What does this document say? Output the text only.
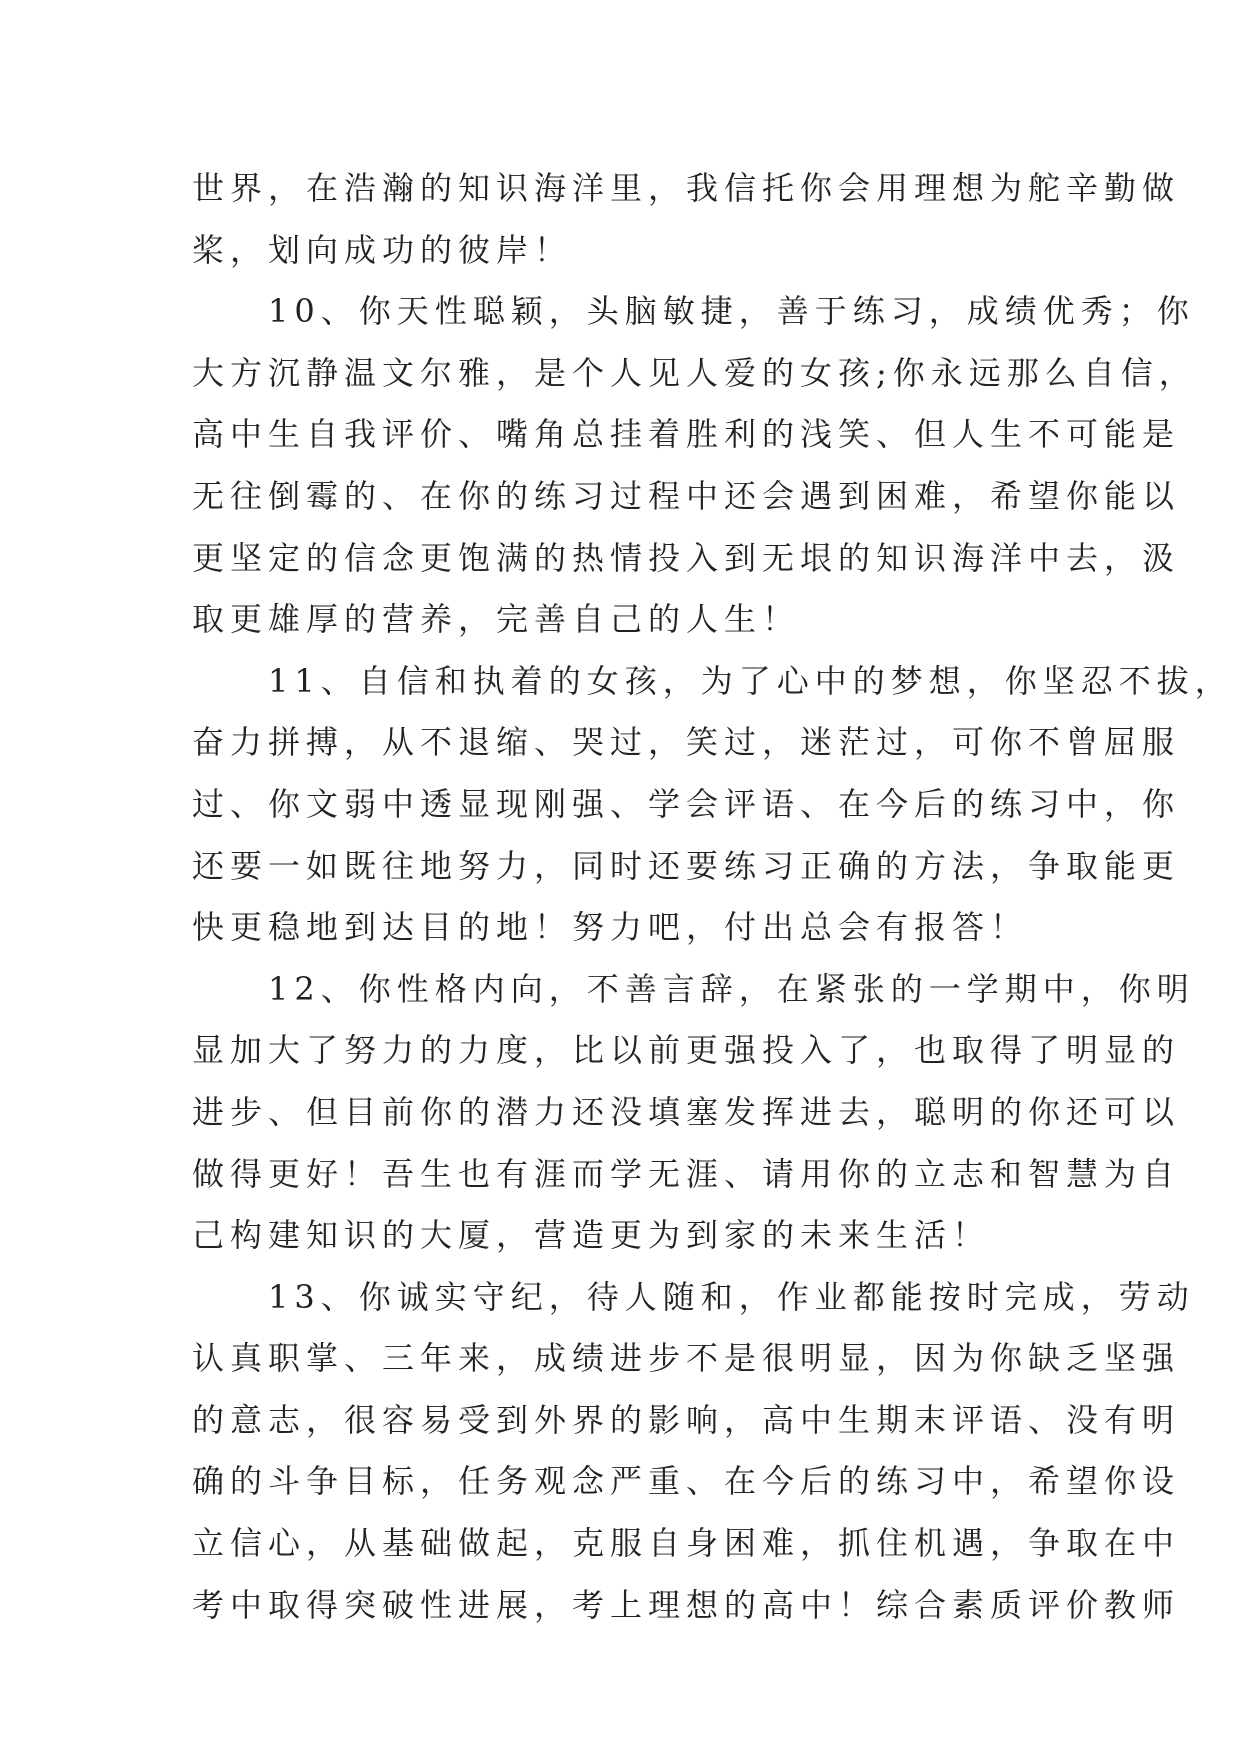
世界，在浩瀚的知识海洋里，我信托你会用理想为舵辛勤做
桨，划向成功的彼岸！
10、你天性聪颖，头脑敏捷，善于练习，成绩优秀；你
大方沉静温文尔雅，是个人见人爱的女孩;你永远那么自信，
高中生自我评价、嘴角总挂着胜利的浅笑、但人生不可能是
无往倒霉的、在你的练习过程中还会遇到困难，希望你能以
更坚定的信念更饱满的热情投入到无垠的知识海洋中去，汲
取更雄厚的营养，完善自己的人生！
11、自信和执着的女孩，为了心中的梦想，你坚忍不拔，
奋力拼搏，从不退缩、哭过，笑过，迷茫过，可你不曾屈服
过、你文弱中透显现刚强、学会评语、在今后的练习中，你
还要一如既往地努力，同时还要练习正确的方法，争取能更
快更稳地到达目的地！努力吧，付出总会有报答！
12、你性格内向，不善言辞，在紧张的一学期中，你明
显加大了努力的力度，比以前更强投入了，也取得了明显的
进步、但目前你的潜力还没填塞发挥进去，聪明的你还可以
做得更好！吾生也有涯而学无涯、请用你的立志和智慧为自
己构建知识的大厦，营造更为到家的未来生活！
13、你诚实守纪，待人随和，作业都能按时完成，劳动
认真职掌、三年来，成绩进步不是很明显，因为你缺乏坚强
的意志，很容易受到外界的影响，高中生期末评语、没有明
确的斗争目标，任务观念严重、在今后的练习中，希望你设
立信心，从基础做起，克服自身困难，抓住机遇，争取在中
考中取得突破性进展，考上理想的高中！综合素质评价教师
